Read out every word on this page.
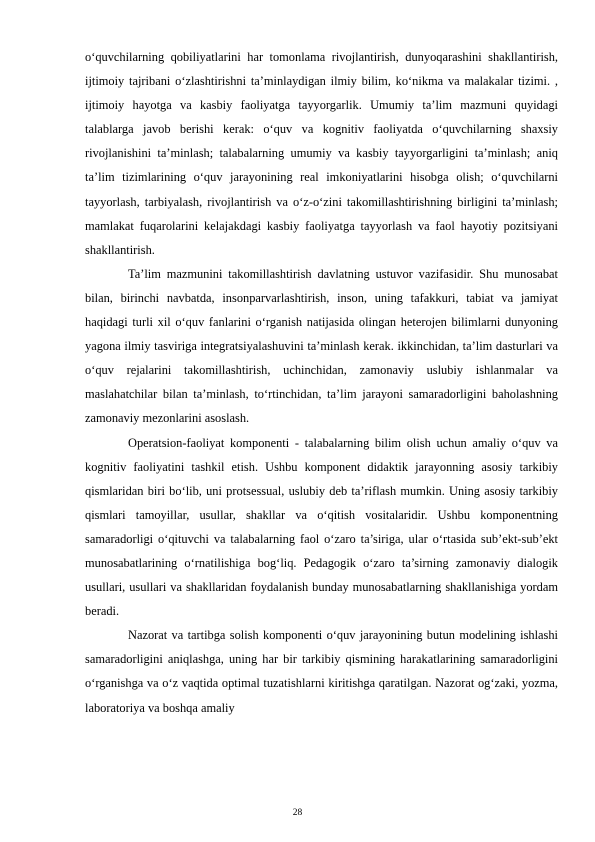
o‘quvchilarning qobiliyatlarini har tomonlama rivojlantirish, dunyoqarashini shakllantirish, ijtimoiy tajribani o‘zlashtirishni ta’minlaydigan ilmiy bilim, ko‘nikma va malakalar tizimi. , ijtimoiy hayotga va kasbiy faoliyatga tayyorgarlik. Umumiy ta’lim mazmuni quyidagi talablarga javob berishi kerak: o‘quv va kognitiv faoliyatda o‘quvchilarning shaxsiy rivojlanishini ta’minlash; talabalarning umumiy va kasbiy tayyorgarligini ta’minlash; aniq ta’lim tizimlarining o‘quv jarayonining real imkoniyatlarini hisobga olish; o‘quvchilarni tayyorlash, tarbiyalash, rivojlantirish va o‘z-o‘zini takomillashtirishning birligini ta’minlash; mamlakat fuqarolarini kelajakdagi kasbiy faoliyatga tayyorlash va faol hayotiy pozitsiyani shakllantirish.

Ta’lim mazmunini takomillashtirish davlatning ustuvor vazifasidir. Shu munosabat bilan, birinchi navbatda, insonparvarlashtirish, inson, uning tafakkuri, tabiat va jamiyat haqidagi turli xil o‘quv fanlarini o‘rganish natijasida olingan heterojen bilimlarni dunyoning yagona ilmiy tasviriga integratsiyalashuvini ta’minlash kerak. ikkinchidan, ta’lim dasturlari va o‘quv rejalarini takomillashtirish, uchinchidan, zamonaviy uslubiy ishlanmalar va maslahatchilar bilan ta’minlash, to‘rtinchidan, ta’lim jarayoni samaradorligini baholashning zamonaviy mezonlarini asoslash.

Operatsion-faoliyat komponenti - talabalarning bilim olish uchun amaliy o‘quv va kognitiv faoliyatini tashkil etish. Ushbu komponent didaktik jarayonning asosiy tarkibiy qismlaridan biri bo‘lib, uni protsessual, uslubiy deb ta’riflash mumkin. Uning asosiy tarkibiy qismlari tamoyillar, usullar, shakllar va o‘qitish vositalaridir. Ushbu komponentning samaradorligi o‘qituvchi va talabalarning faol o‘zaro ta’siriga, ular o‘rtasida sub’ekt-sub’ekt munosabatlarining o‘rnatilishiga bog‘liq. Pedagogik o‘zaro ta’sirning zamonaviy dialogik usullari, usullari va shakllaridan foydalanish bunday munosabatlarning shakllanishiga yordam beradi.

Nazorat va tartibga solish komponenti o‘quv jarayonining butun modelining ishlashi samaradorligini aniqlashga, uning har bir tarkibiy qismining harakatlarining samaradorligini o‘rganishga va o‘z vaqtida optimal tuzatishlarni kiritishga qaratilgan. Nazorat og‘zaki, yozma, laboratoriya va boshqa amaliy

28
